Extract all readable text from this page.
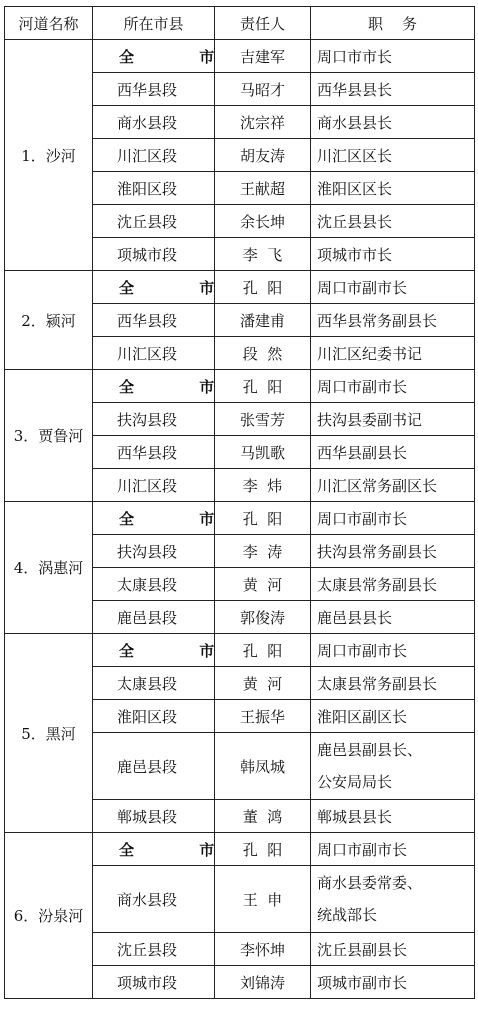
河道名称	所在市县	责任人	职    务
1．沙河	全 市	吉建军	周口市市长

	西华县段	马昭才	西华县县长

	商水县段	沈宗祥	商水县县长

	川汇区段	胡友涛	川汇区区长

	淮阳区段	王献超	淮阳区区长

	沈丘县段	余长坤	沈丘县县长

	项城市段	李  飞	项城市市长

2．颍河	全 市	孔  阳	周口市副市长

	西华县段	潘建甫	西华县常务副县长

	川汇区段	段  然	川汇区纪委书记

3．贾鲁河	全 市	孔  阳	周口市副市长

	扶沟县段	张雪芳	扶沟县委副书记

	西华县段	马凯歌	西华县副县长

	川汇区段	李  炜	川汇区常务副区长

4．涡惠河	全 市	孔  阳	周口市副市长

	扶沟县段	李  涛	扶沟县常务副县长

	太康县段	黄  河	太康县常务副县长

	鹿邑县段	郭俊涛	鹿邑县县长

5．黑河	全 市	孔  阳	周口市副市长

	太康县段	黄  河	太康县常务副县长

	淮阳区段	王振华	淮阳区副区长

	鹿邑县段	韩凤城	鹿邑县副县长、
公安局局长

	郸城县段	董  鸿	郸城县县长

6．汾泉河	全 市	孔  阳	周口市副市长

	商水县段	王  申	商水县委常委、
统战部长

	沈丘县段	李怀坤	沈丘县副县长

	项城市段	刘锦涛	项城市副市长
